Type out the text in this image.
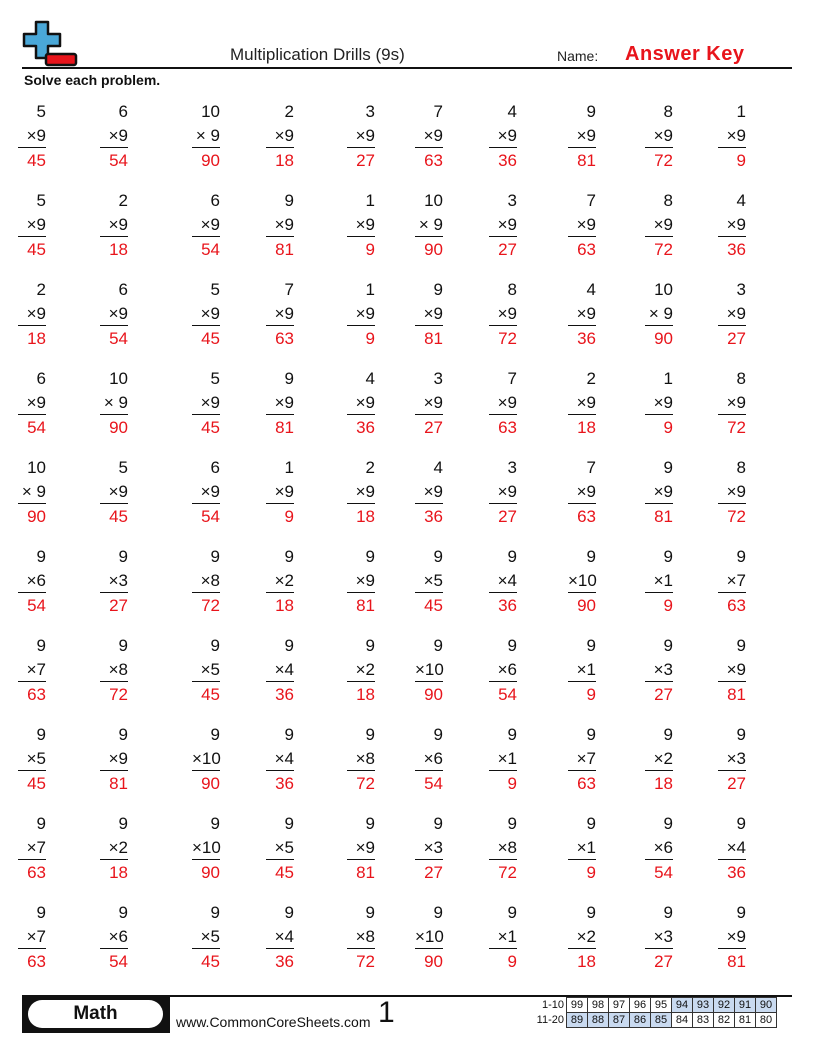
Multiplication Drills (9s)	Name: Answer Key
Solve each problem.
5
×9
45
6
×9
54
10
× 9
90
2
×9
18
3
×9
27
7
×9
63
4
×9
36
9
×9
81
8
×9
72
1
×9
9
5
×9
45
2
×9
18
6
×9
54
9
×9
81
1
×9
9
10
× 9
90
3
×9
27
7
×9
63
8
×9
72
4
×9
36
2
×9
18
6
×9
54
5
×9
45
7
×9
63
1
×9
9
9
×9
81
8
×9
72
4
×9
36
10
× 9
90
3
×9
27
6
×9
54
10
× 9
90
5
×9
45
9
×9
81
4
×9
36
3
×9
27
7
×9
63
2
×9
18
1
×9
9
8
×9
72
10
× 9
90
5
×9
45
6
×9
54
1
×9
9
2
×9
18
4
×9
36
3
×9
27
7
×9
63
9
×9
81
8
×9
72
9
×6
54
9
×3
27
9
×8
72
9
×2
18
9
×9
81
9
×5
45
9
×4
36
9
×10
90
9
×1
9
9
×7
63
9
×7
63
9
×8
72
9
×5
45
9
×4
36
9
×2
18
9
×10
90
9
×6
54
9
×1
9
9
×3
27
9
×9
81
9
×5
45
9
×9
81
9
×10
90
9
×4
36
9
×8
72
9
×6
54
9
×1
9
9
×7
63
9
×2
18
9
×3
27
9
×7
63
9
×2
18
9
×10
90
9
×5
45
9
×9
81
9
×3
27
9
×8
72
9
×1
9
9
×6
54
9
×4
36
9
×7
63
9
×6
54
9
×5
45
9
×4
36
9
×8
72
9
×10
90
9
×1
9
9
×2
18
9
×3
27
9
×9
81
Math	www.CommonCoreSheets.com 1	1-10	99	98	97	96	95	94	93	92	91	90
11-20	89	88	87	86	85	84	83	82	81	80
